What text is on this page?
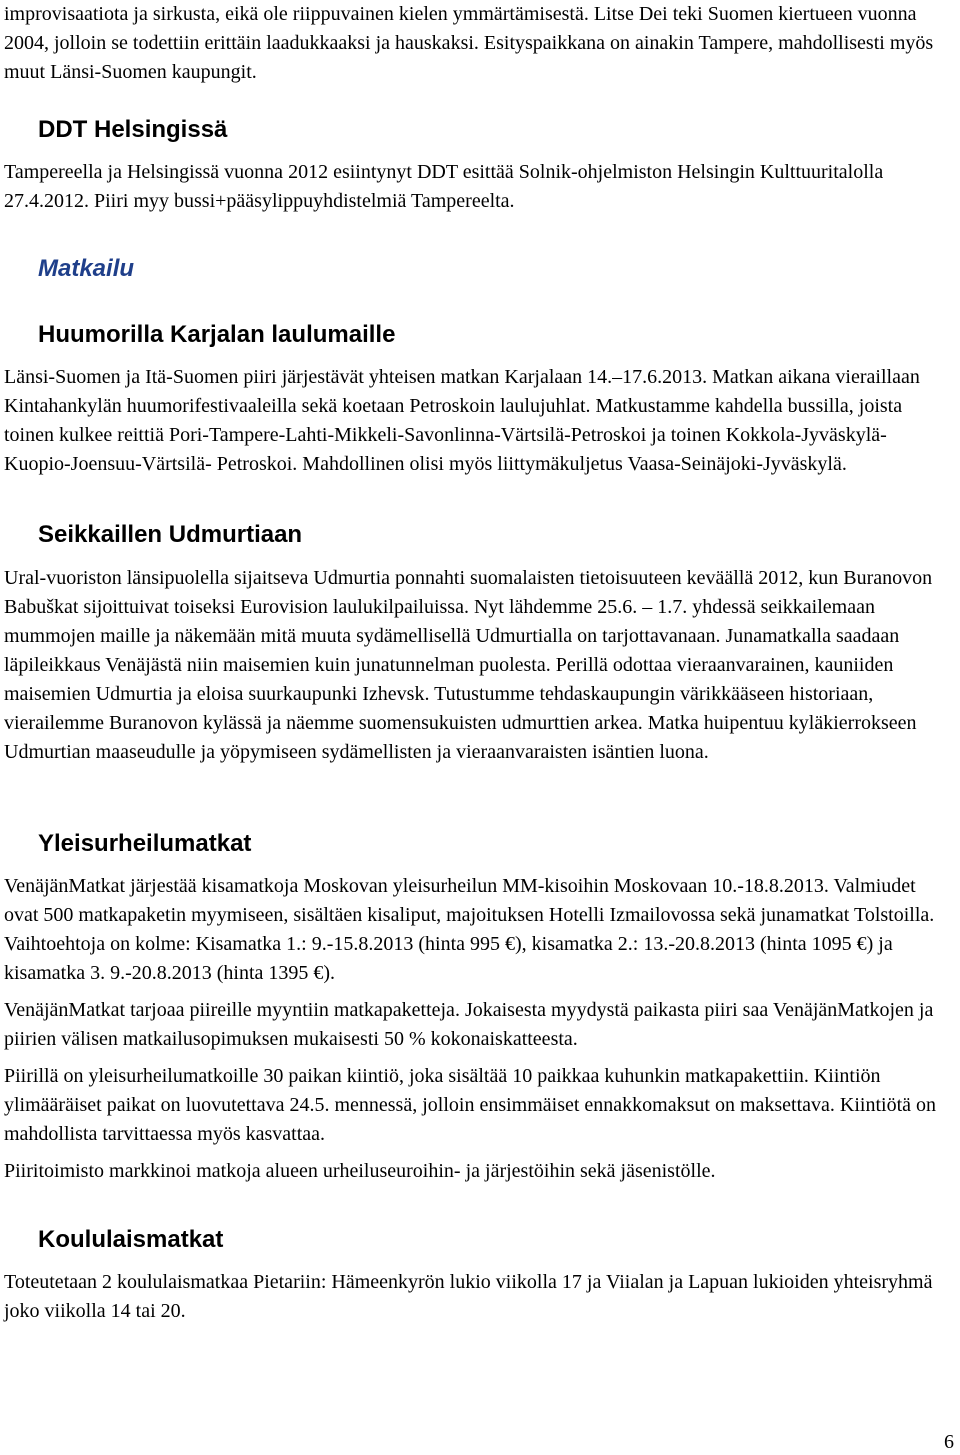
improvisaatiota ja sirkusta, eikä ole riippuvainen kielen ymmärtämisestä. Litse Dei teki Suomen kiertueen vuonna 2004, jolloin se todettiin erittäin laadukkaaksi ja hauskaksi. Esityspaikkana on ainakin Tampere, mahdollisesti myös muut Länsi-Suomen kaupungit.

DDT Helsingissä

Tampereella ja Helsingissä vuonna 2012 esiintynyt DDT esittää Solnik-ohjelmiston Helsingin Kulttuuritalolla 27.4.2012. Piiri myy bussi+pääsylippuyhdistelmiä Tampereelta.

Matkailu
Huumorilla Karjalan laulumaille

Länsi-Suomen ja Itä-Suomen piiri järjestävät yhteisen matkan Karjalaan 14.–17.6.2013. Matkan aikana vieraillaan Kintahankylän huumorifestivaaleilla sekä koetaan Petroskoin laulujuhlat. Matkustamme kahdella bussilla, joista toinen kulkee reittiä Pori-Tampere-Lahti-Mikkeli-Savonlinna-Värtsilä-Petroskoi ja toinen Kokkola-Jyväskylä-Kuopio-Joensuu-Värtsilä- Petroskoi. Mahdollinen olisi myös liittymäkuljetus Vaasa-Seinäjoki-Jyväskylä.

Seikkaillen Udmurtiaan

Ural-vuoriston länsipuolella sijaitseva Udmurtia ponnahti suomalaisten tietoisuuteen keväällä 2012, kun Buranovon Babuškat sijoittuivat toiseksi Eurovision laulukilpailuissa. Nyt lähdemme 25.6. – 1.7. yhdessä seikkailemaan mummojen maille ja näkemään mitä muuta sydämellisellä Udmurtialla on tarjottavanaan. Junamatkalla saadaan läpileikkaus Venäjästä niin maisemien kuin junatunnelman puolesta. Perillä odottaa vieraanvarainen, kauniiden maisemien Udmurtia ja eloisa suurkaupunki Izhevsk. Tutustumme tehdaskaupungin värikkääseen historiaan, vierailemme Buranovon kylässä ja näemme suomensukuisten udmurttien arkea. Matka huipentuu kyläkierrokseen Udmurtian maaseudulle ja yöpymiseen sydämellisten ja vieraanvaraisten isäntien luona.

Yleisurheilumatkat

VenäjänMatkat järjestää kisamatkoja Moskovan yleisurheilun MM-kisoihin Moskovaan 10.-18.8.2013. Valmiudet ovat 500 matkapaketin myymiseen, sisältäen kisaliput, majoituksen Hotelli Izmailovossa sekä junamatkat Tolstoilla. Vaihtoehtoja on kolme: Kisamatka 1.: 9.-15.8.2013 (hinta 995 €), kisamatka 2.: 13.-20.8.2013 (hinta 1095 €) ja kisamatka 3. 9.-20.8.2013 (hinta 1395 €).

VenäjänMatkat tarjoaa piireille myyntiin matkapaketteja. Jokaisesta myydystä paikasta piiri saa VenäjänMatkojen ja piirien välisen matkailusopimuksen mukaisesti 50 % kokonaiskatteesta.

Piirillä on yleisurheilumatkoille 30 paikan kiintiö, joka sisältää 10 paikkaa kuhunkin matkapakettiin. Kiintiön ylimääräiset paikat on luovutettava 24.5. mennessä, jolloin ensimmäiset ennakkomaksut on maksettava. Kiintiötä on mahdollista tarvittaessa myös kasvattaa.

Piiritoimisto markkinoi matkoja alueen urheiluseuroihin- ja järjestöihin sekä jäsenistölle.

Koululaismatkat

Toteutetaan 2 koululaismatkaa Pietariin: Hämeenkyrön lukio viikolla 17 ja Viialan ja Lapuan lukioiden yhteisryhmä joko viikolla 14 tai 20.

6
